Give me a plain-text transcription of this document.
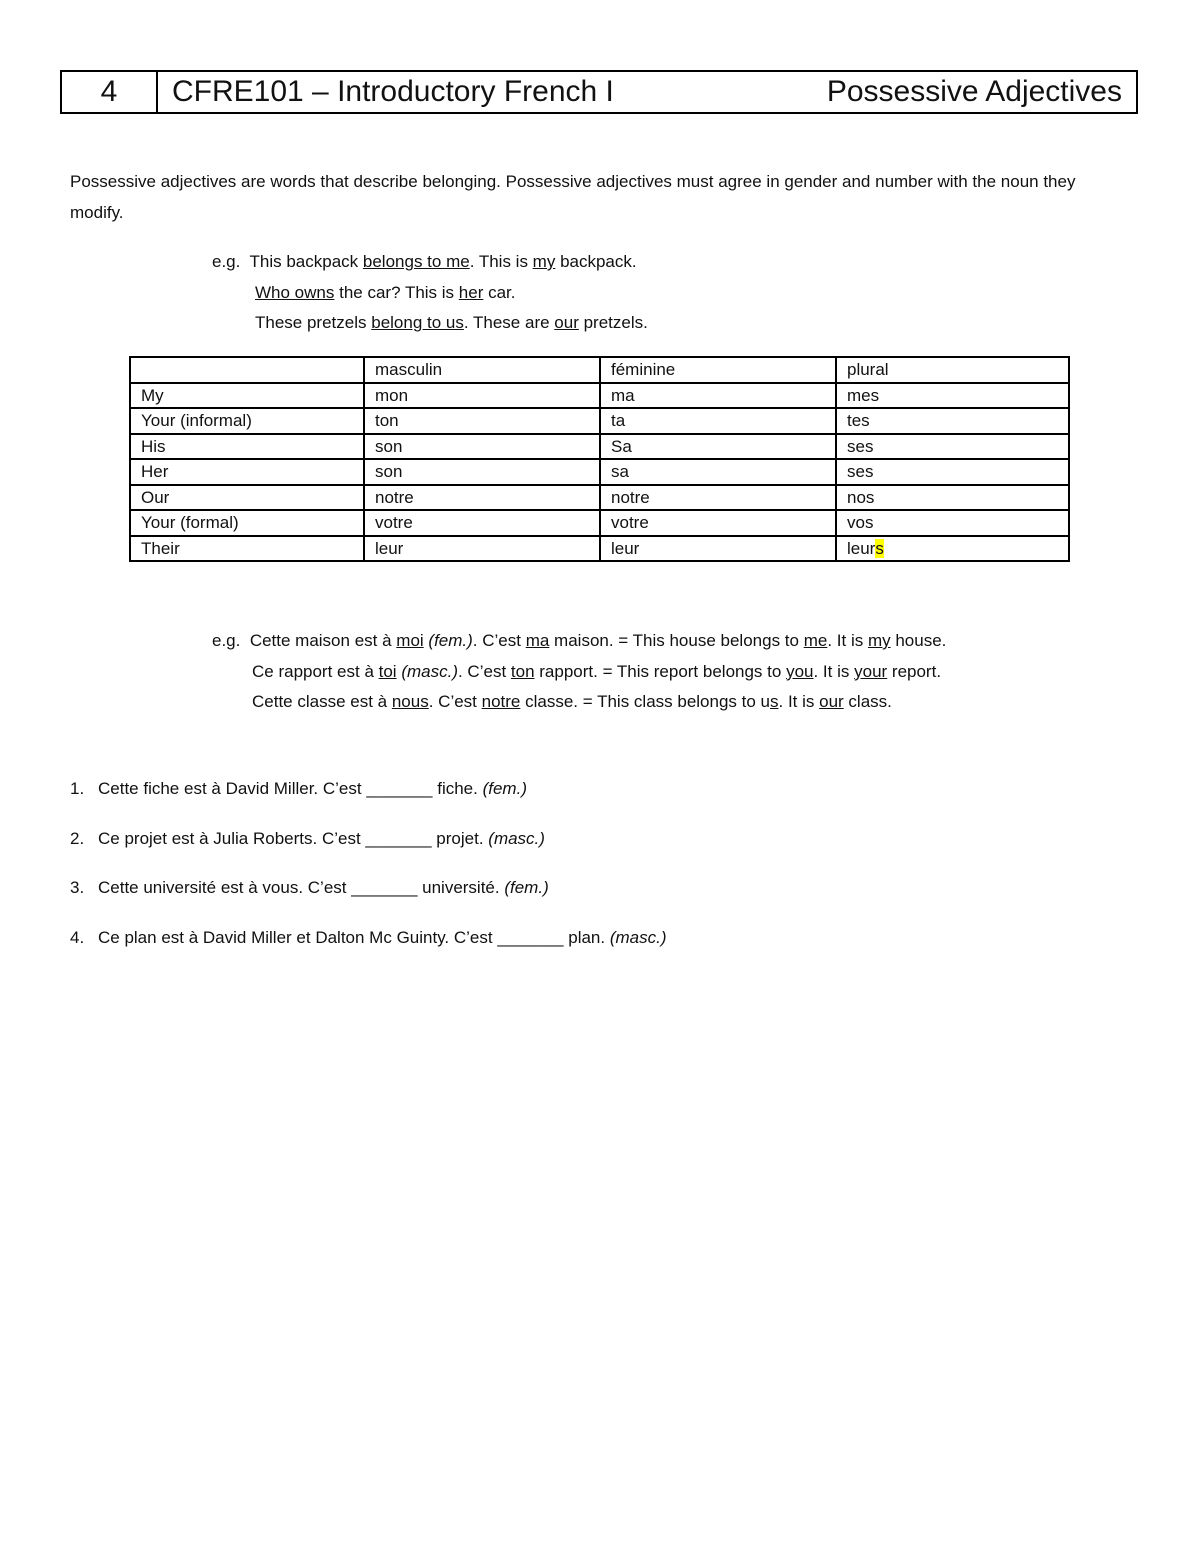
4	CFRE101 – Introductory French I	Possessive Adjectives
Possessive adjectives are words that describe belonging. Possessive adjectives must agree in gender and number with the noun they modify.
e.g. This backpack belongs to me. This is my backpack.
Who owns the car? This is her car.
These pretzels belong to us. These are our pretzels.
	masculin	féminine	plural
My	mon	ma	mes
Your (informal)	ton	ta	tes
His	son	Sa	ses
Her	son	sa	ses
Our	notre	notre	nos
Your (formal)	votre	votre	vos
Their	leur	leur	leurs
e.g. Cette maison est à moi (fem.). C’est ma maison. = This house belongs to me. It is my house.
Ce rapport est à toi (masc.). C’est ton rapport. = This report belongs to you. It is your report.
Cette classe est à nous. C’est notre classe. = This class belongs to us. It is our class.
1. Cette fiche est à David Miller. C’est _______ fiche. (fem.)
2. Ce projet est à Julia Roberts. C’est _______ projet. (masc.)
3. Cette université est à vous. C’est _______ université. (fem.)
4. Ce plan est à David Miller et Dalton Mc Guinty. C’est _______ plan. (masc.)
